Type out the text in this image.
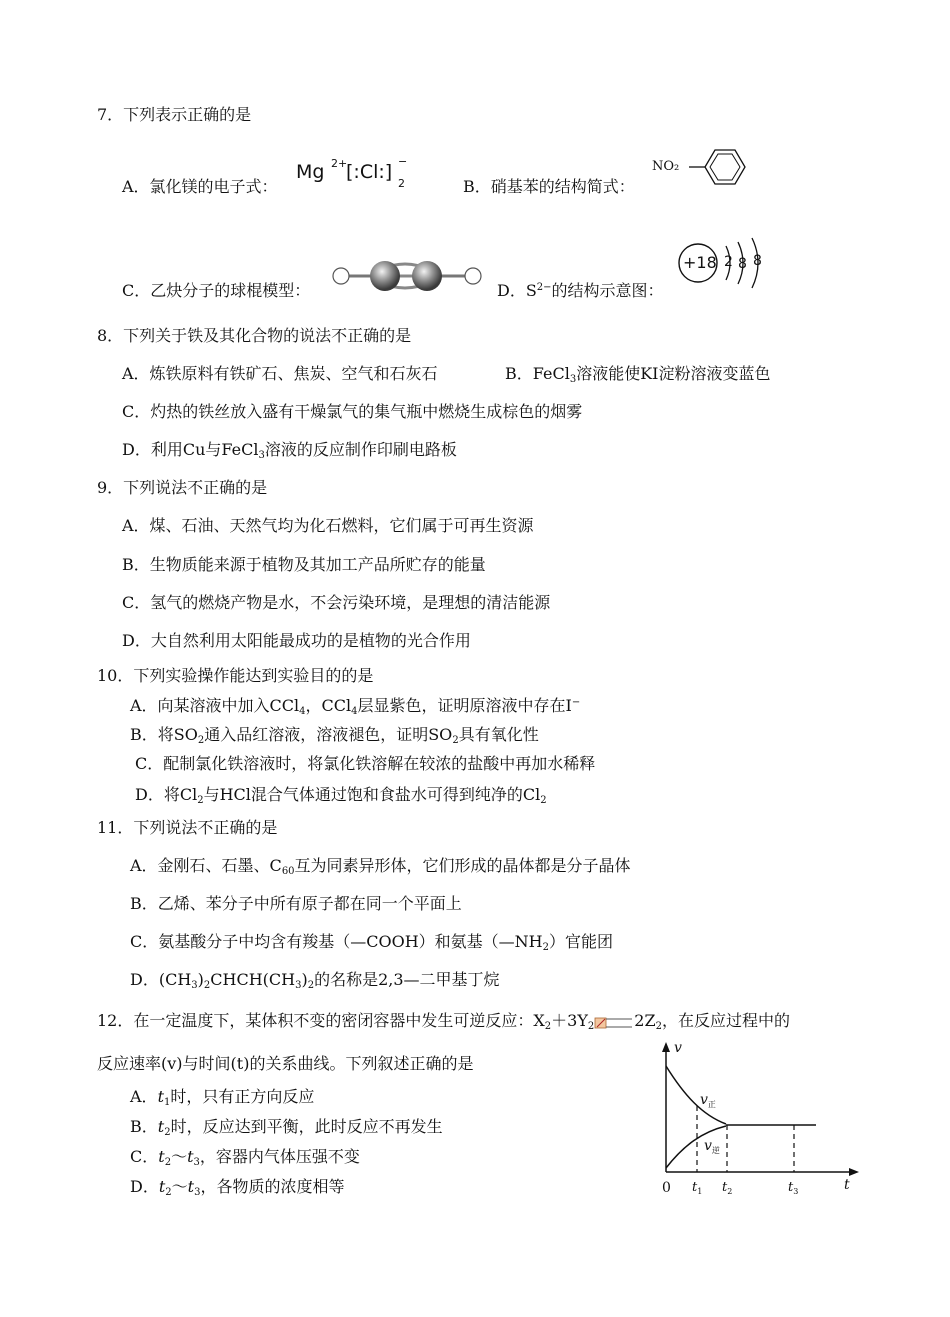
7．下列表示正确的是
A．氯化镁的电子式：
Mg 2+
[:Cl:]
2
−
B．硝基苯的结构简式：
NO₂
C．乙炔分子的球棍模型：	D．$S^{2-}$的结构示意图：
+18 2 8 8
8．下列关于铁及其化合物的说法不正确的是
A．炼铁原料有铁矿石、焦炭、空气和石灰石	B．FeCl$_3$溶液能使KI淀粉溶液变蓝色
C．灼热的铁丝放入盛有干燥氯气的集气瓶中燃烧生成棕色的烟雾
D．利用Cu与FeCl$_3$溶液的反应制作印刷电路板
9．下列说法不正确的是
A．煤、石油、天然气均为化石燃料，它们属于可再生资源
B．生物质能来源于植物及其加工产品所贮存的能量
C．氢气的燃烧产物是水，不会污染环境，是理想的清洁能源
D．大自然利用太阳能最成功的是植物的光合作用
10．下列实验操作能达到实验目的的是
A．向某溶液中加入CCl$_4$，CCl$_4$层显紫色，证明原溶液中存在I−
B．将$SO_2$通入品红溶液，溶液褪色，证明$SO_2$具有氧化性
C．配制氯化铁溶液时，将氯化铁溶解在较浓的盐酸中再加水稀释
D．将$Cl_2$与HCl混合气体通过饱和食盐水可得到纯净的$Cl_2$
11．下列说法不正确的是
A．金刚石、石墨、$C_{60}$互为同素异形体，它们形成的晶体都是分子晶体
B．乙烯、苯分子中所有原子都在同一个平面上
C．氨基酸分子中均含有羧基（—COOH）和氨基$(—NH_2)$官能团
D．$(CH_3)_2CHCH(CH_3)_2$的名称是2,3—二甲基丁烷
12．在一定温度下，某体积不变的密闭容器中发生可逆反应：$X_2+3Y_2$	$2Z_2$，在反应过程中的
反应速率(v)与时间(t)的关系曲线。下列叙述正确的是
A．$t_1$时，只有正方向反应
B．$t_2$时，反应达到平衡，此时反应不再发生
C．$t_2\sim t_3$，容器内气体压强不变
D．$t_2\sim t_3$，各物质的浓度相等
v
t
0
$v_正$
$v_逆$
$t_1$ $t_2$	$t_3$
